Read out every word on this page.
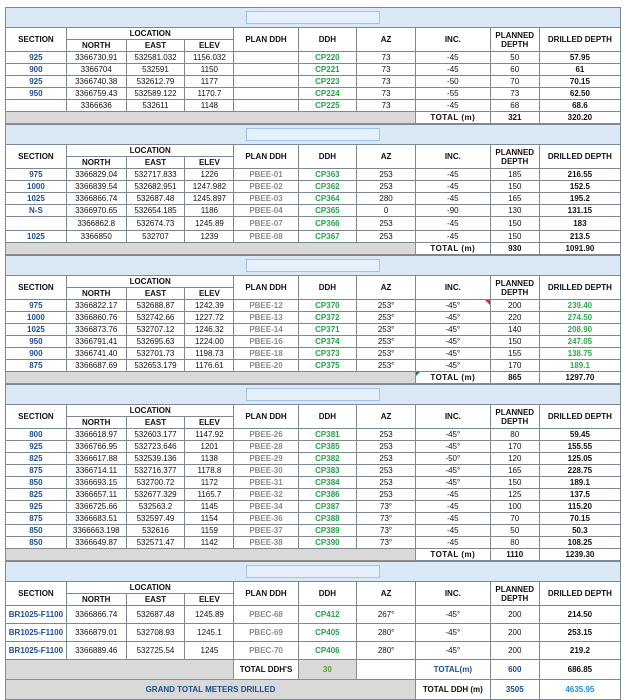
SECTION	LOCATION			PLAN DDH	DDH	AZ	INC.	PLANNED
DEPTH	DRILLED DEPTH
	NORTH	EAST	ELEV						
925	3366730.91	532581.032	1156.032		CP220	73	-45	50	57.95
900	3366704	532591	1150		CP221	73	-45	60	61
925	3366740.38	532612.79	1177		CP223	73	-50	70	70.15
950	3366759.43	532589.122	1170.7		CP224	73	-55	73	62.50
	3366636	532611	1148		CP225	73	-45	68	68.6
							TOTAL (m)	321	320.20
SECTION	LOCATION			PLAN DDH	DDH	AZ	INC.	PLANNED
DEPTH	DRILLED DEPTH
	NORTH	EAST	ELEV						
975	3366829.04	532717.833	1226	PBEE-01	CP363	253	-45	185	216.55
1000	3366839.54	532682.951	1247.982	PBEE-02	CP362	253	-45	150	152.5
1025	3366866.74	532687.48	1245.897	PBEE-03	CP364	280	-45	165	195.2
N-S	3366970.65	532654.185	1186	PBEE-04	CP365	0	-90	130	131.15
	3366862.8	532674.73	1245.89	PBEE-07	CP366	253	-45	150	183
1025	3366850	532707	1239	PBEE-08	CP367	253	-45	150	213.5
							TOTAL (m)	930	1091.90
SECTION	LOCATION			PLAN DDH	DDH	AZ	INC.	PLANNED
DEPTH	DRILLED DEPTH
	NORTH	EAST	ELEV						
975	3366822.17	532688.87	1242.39	PBEE-12	CP370	253°	-45°	200	239.40
1000	3366860.76	532742.66	1227.72	PBEE-13	CP372	253°	-45°	220	274.50
1025	3366873.76	532707.12	1246.32	PBEE-14	CP371	253°	-45°	140	208.90
950	3366791.41	532695.63	1224.00	PBEE-16	CP374	253°	-45°	150	247.05
900	3366741.40	532701.73	1198.73	PBEE-18	CP373	253°	-45°	155	138.75
875	3366687.69	532653.179	1176.61	PBEE-20	CP375	253°	-45°	170	189.1
							TOTAL (m)	865	1297.70
SECTION	LOCATION			PLAN DDH	DDH	AZ	INC.	PLANNED
DEPTH	DRILLED DEPTH
	NORTH	EAST	ELEV						
800	3366618.97	532603.177	1147.92	PBEE-26	CP381	253	-45°	80	59.45
925	3366766.95	532723.646	1201	PBEE-28	CP385	253	-45°	170	155.55
825	3366617.88	532539.136	1138	PBEE-29	CP382	253	-50°	120	125.05
875	3366714.11	532716.377	1178.8	PBEE-30	CP383	253	-45°	165	228.75
850	3366693.15	532700.72	1172	PBEE-31	CP384	253	-45°	150	189.1
825	3366657.11	532677.329	1165.7	PBEE-32	CP386	253	-45	125	137.5
925	3366725.66	532563.2	1145	PBEE-34	CP387	73°	-45	100	115.20
875	3366683.51	532597.49	1154	PBEE-36	CP388	73°	-45	70	70.15
850	3366663.198	532616	1159	PBEE-37	CP389	73°	-45	50	50.3
850	3366649.87	532571.47	1142	PBEE-38	CP390	73°	-45	80	108.25
							TOTAL (m)	1110	1239.30
SECTION	LOCATION			PLAN DDH	DDH	AZ	INC.	PLANNED
DEPTH	DRILLED DEPTH
	NORTH	EAST	ELEV						
BR1025-F1100	3366866.74	532687.48	1245.89	PBEC-68	CP412	267°	-45°	200	214.50
BR1025-F1100	3366879.01	532708.93	1245.1	PBEC-69	CP405	280°	-45°	200	253.15
BR1025-F1100	3366889.46	532725.54	1245	PBEC-70	CP406	280°	-45°	200	219.2
				TOTAL DDH'S	30		TOTAL(m)	600	686.85
GRAND TOTAL METERS DRILLED							TOTAL DDH (m)	3505	4635.95
